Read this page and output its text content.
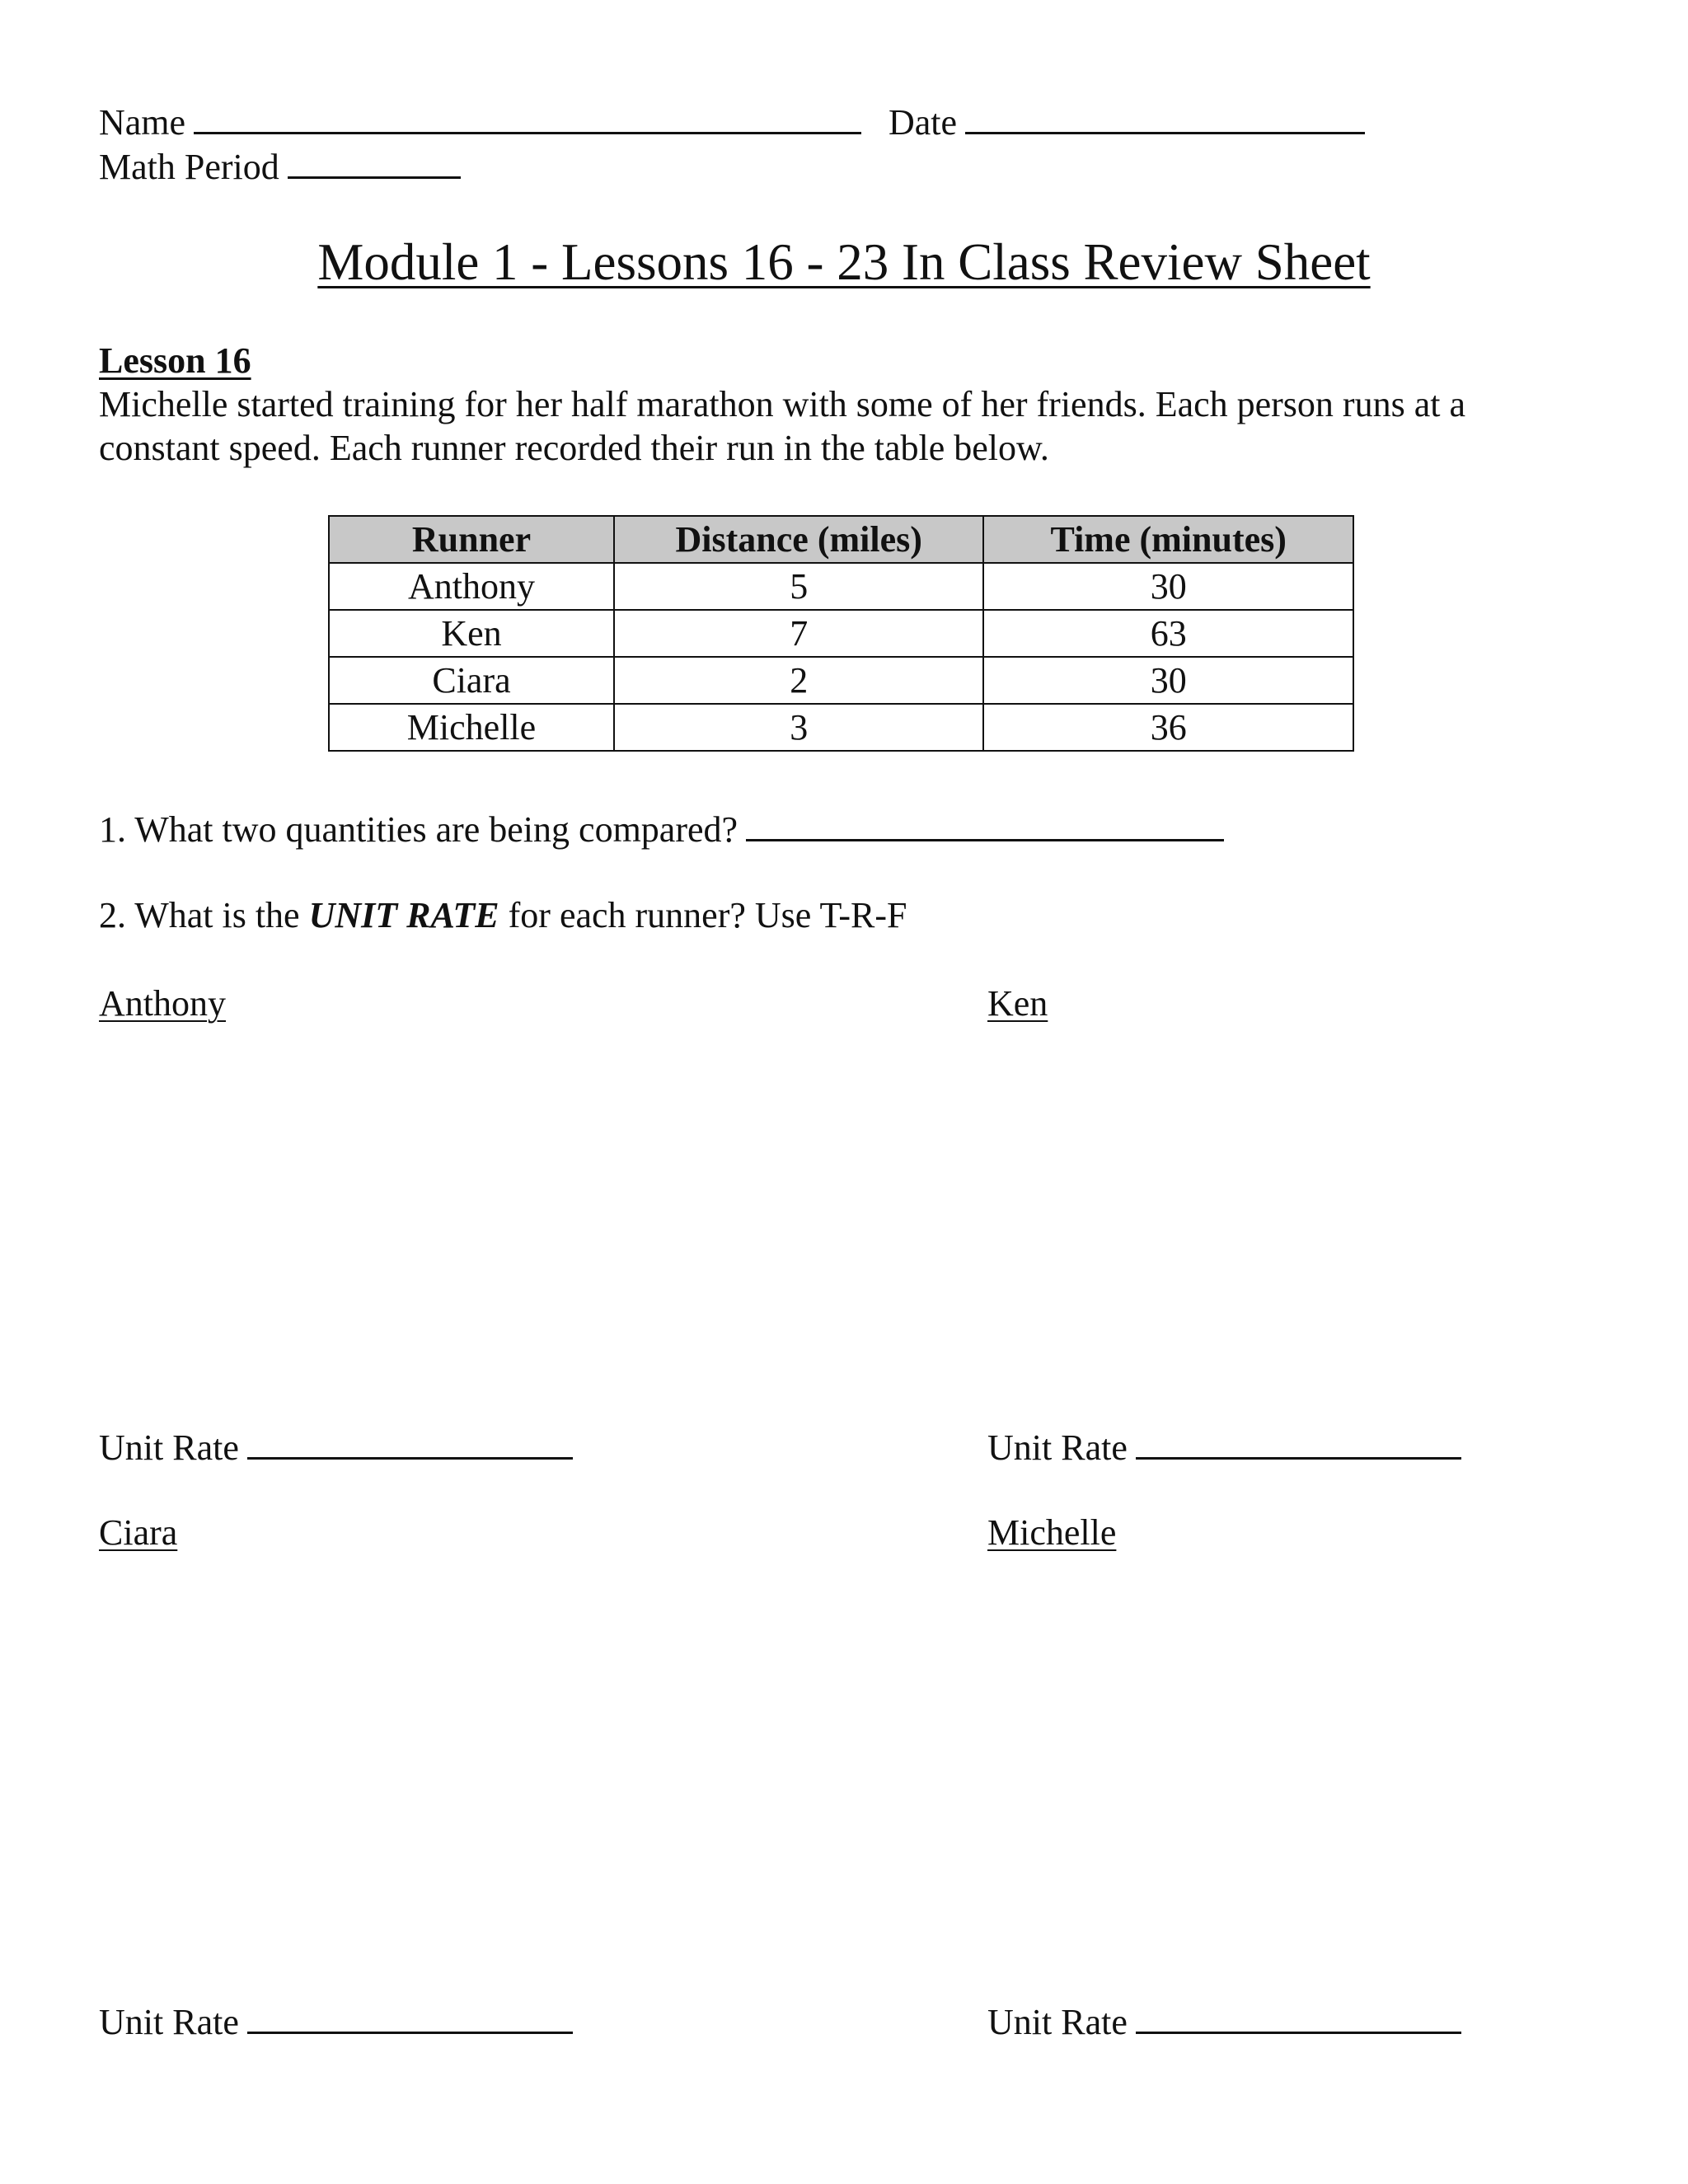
Name	Date
Math Period
Module 1 - Lessons 16 - 23 In Class Review Sheet
Lesson 16
Michelle started training for her half marathon with some of her friends. Each person runs at a
constant speed. Each runner recorded their run in the table below.
Runner	Distance (miles)	Time (minutes)
Anthony	5	30
Ken	7	63
Ciara	2	30
Michelle	3	36
1. What two quantities are being compared?
2. What is the UNIT RATE for each runner? Use T-R-F
Anthony	Ken
Unit Rate	Unit Rate
Ciara	Michelle
Unit Rate	Unit Rate
